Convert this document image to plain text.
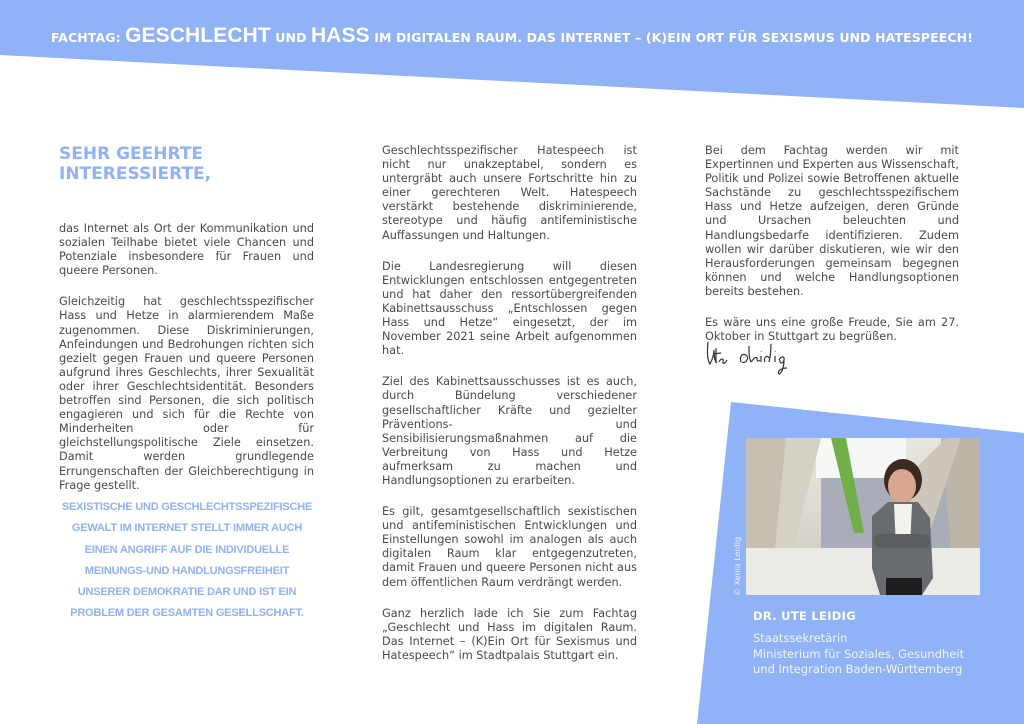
FACHTAG: GESCHLECHT UND HASS IM DIGITALEN RAUM. DAS INTERNET – (K)EIN ORT FÜR SEXISMUS UND HATESPEECH!
SEHR GEEHRTE
INTERESSIERTE,

das Internet als Ort der Kommunikation und sozialen Teilhabe bietet viele Chancen und Potenziale insbesondere für Frauen und queere Personen.

Gleichzeitig hat geschlechtsspezifischer Hass und Hetze in alarmierendem Maße zugenommen. Diese Diskriminierungen, Anfeindungen und Bedrohungen richten sich gezielt gegen Frauen und queere Personen aufgrund ihres Geschlechts, ihrer Sexualität oder ihrer Geschlechtsidentität. Besonders betroffen sind Personen, die sich politisch engagieren und sich für die Rechte von Minderheiten oder für gleichstellungspolitische Ziele einsetzen. Damit werden grundlegende Errungenschaften der Gleichberechtigung in Frage gestellt.

SEXISTISCHE UND GESCHLECHTSSPEZIFISCHE
GEWALT IM INTERNET STELLT IMMER AUCH
EINEN ANGRIFF AUF DIE INDIVIDUELLE
MEINUNGS-UND HANDLUNGSFREIHEIT
UNSERER DEMOKRATIE DAR UND IST EIN
PROBLEM DER GESAMTEN GESELLSCHAFT.

Geschlechtsspezifischer Hatespeech ist nicht nur unakzeptabel, sondern es untergräbt auch unsere Fortschritte hin zu einer gerechteren Welt. Hatespeech verstärkt bestehende diskriminierende, stereotype und häufig antifeministische Auffassungen und Haltungen.

Die Landesregierung will diesen Entwicklungen entschlossen entgegentreten und hat daher den ressortübergreifenden Kabinettsausschuss „Entschlossen gegen Hass und Hetze“ eingesetzt, der im November 2021 seine Arbeit aufgenommen hat.

Ziel des Kabinettsausschusses ist es auch, durch Bündelung verschiedener gesellschaftlicher Kräfte und gezielter Präventions- und Sensibilisierungsmaßnahmen auf die Verbreitung von Hass und Hetze aufmerksam zu machen und Handlungsoptionen zu erarbeiten.

Es gilt, gesamtgesellschaftlich sexistischen und antifeministischen Entwicklungen und Einstellungen sowohl im analogen als auch digitalen Raum klar entgegenzutreten, damit Frauen und queere Personen nicht aus dem öffentlichen Raum verdrängt werden.

Ganz herzlich lade ich Sie zum Fachtag „Geschlecht und Hass im digitalen Raum. Das Internet – (K)Ein Ort für Sexismus und Hatespeech“ im Stadtpalais Stuttgart ein.

Bei dem Fachtag werden wir mit Expertinnen und Experten aus Wissenschaft, Politik und Polizei sowie Betroffenen aktuelle Sachstände zu geschlechtsspezifischem Hass und Hetze aufzeigen, deren Gründe und Ursachen beleuchten und Handlungsbedarfe identifizieren. Zudem wollen wir darüber diskutieren, wie wir den Herausforderungen gemeinsam begegnen können und welche Handlungsoptionen bereits bestehen.

Es wäre uns eine große Freude, Sie am 27. Oktober in Stuttgart zu begrüßen.

© Xenia Leidig
DR. UTE LEIDIG
Staatssekretärin
Ministerium für Soziales, Gesundheit
und Integration Baden-Württemberg
